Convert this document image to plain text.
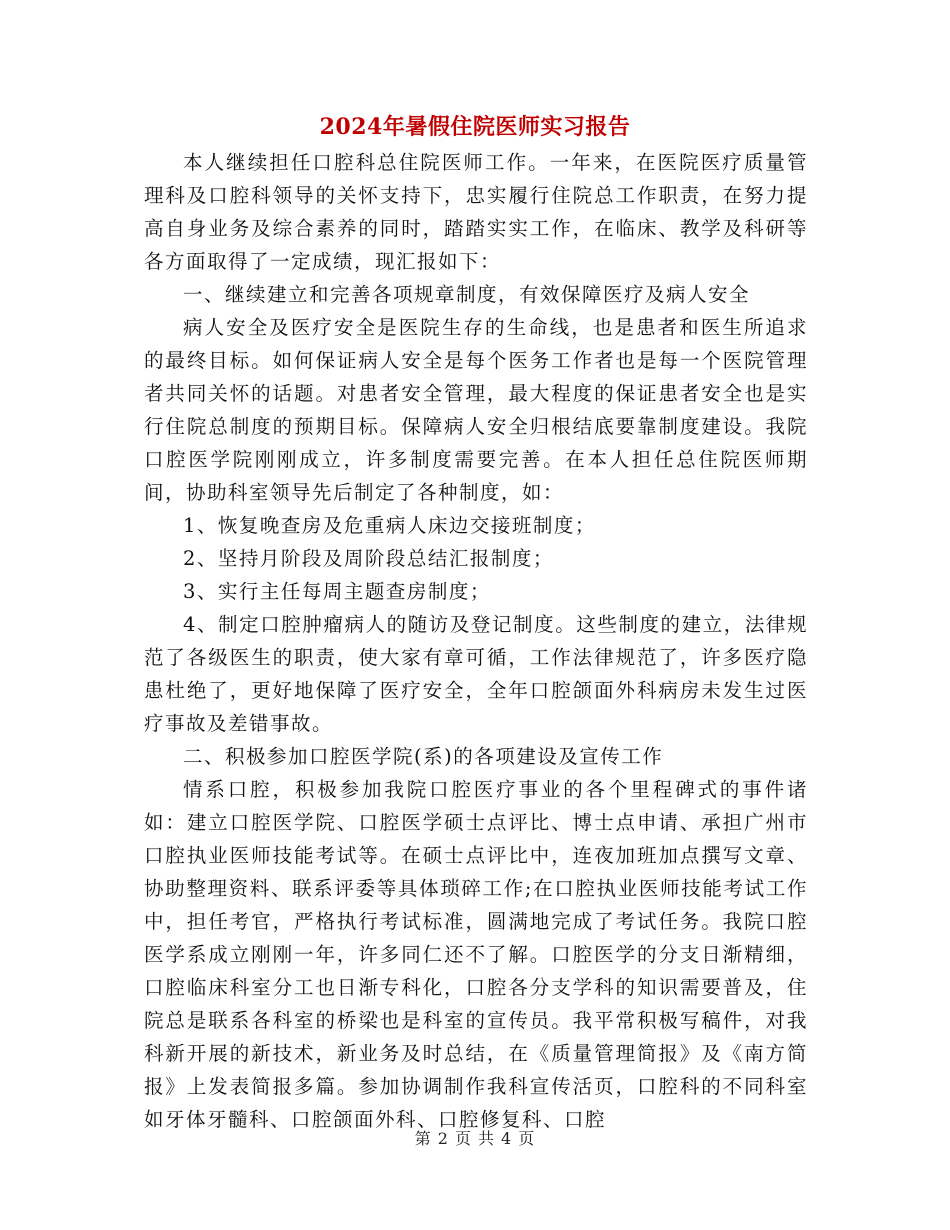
2024年暑假住院医师实习报告

本人继续担任口腔科总住院医师工作。一年来，在医院医疗质量管理科及口腔科领导的关怀支持下，忠实履行住院总工作职责，在努力提高自身业务及综合素养的同时，踏踏实实工作，在临床、教学及科研等各方面取得了一定成绩，现汇报如下：

一、继续建立和完善各项规章制度，有效保障医疗及病人安全

病人安全及医疗安全是医院生存的生命线，也是患者和医生所追求的最终目标。如何保证病人安全是每个医务工作者也是每一个医院管理者共同关怀的话题。对患者安全管理，最大程度的保证患者安全也是实行住院总制度的预期目标。保障病人安全归根结底要靠制度建设。我院口腔医学院刚刚成立，许多制度需要完善。在本人担任总住院医师期间，协助科室领导先后制定了各种制度，如：

1、恢复晚查房及危重病人床边交接班制度；

2、坚持月阶段及周阶段总结汇报制度；

3、实行主任每周主题查房制度；

4、制定口腔肿瘤病人的随访及登记制度。这些制度的建立，法律规范了各级医生的职责，使大家有章可循，工作法律规范了，许多医疗隐患杜绝了，更好地保障了医疗安全，全年口腔颌面外科病房未发生过医疗事故及差错事故。

二、积极参加口腔医学院(系)的各项建设及宣传工作

情系口腔，积极参加我院口腔医疗事业的各个里程碑式的事件诸如：建立口腔医学院、口腔医学硕士点评比、博士点申请、承担广州市口腔执业医师技能考试等。在硕士点评比中，连夜加班加点撰写文章、协助整理资料、联系评委等具体琐碎工作;在口腔执业医师技能考试工作中，担任考官，严格执行考试标准，圆满地完成了考试任务。我院口腔医学系成立刚刚一年，许多同仁还不了解。口腔医学的分支日渐精细，口腔临床科室分工也日渐专科化，口腔各分支学科的知识需要普及，住院总是联系各科室的桥梁也是科室的宣传员。我平常积极写稿件，对我科新开展的新技术，新业务及时总结，在《质量管理简报》及《南方简报》上发表简报多篇。参加协调制作我科宣传活页，口腔科的不同科室如牙体牙髓科、口腔颌面外科、口腔修复科、口腔

第 2 页 共 4 页
